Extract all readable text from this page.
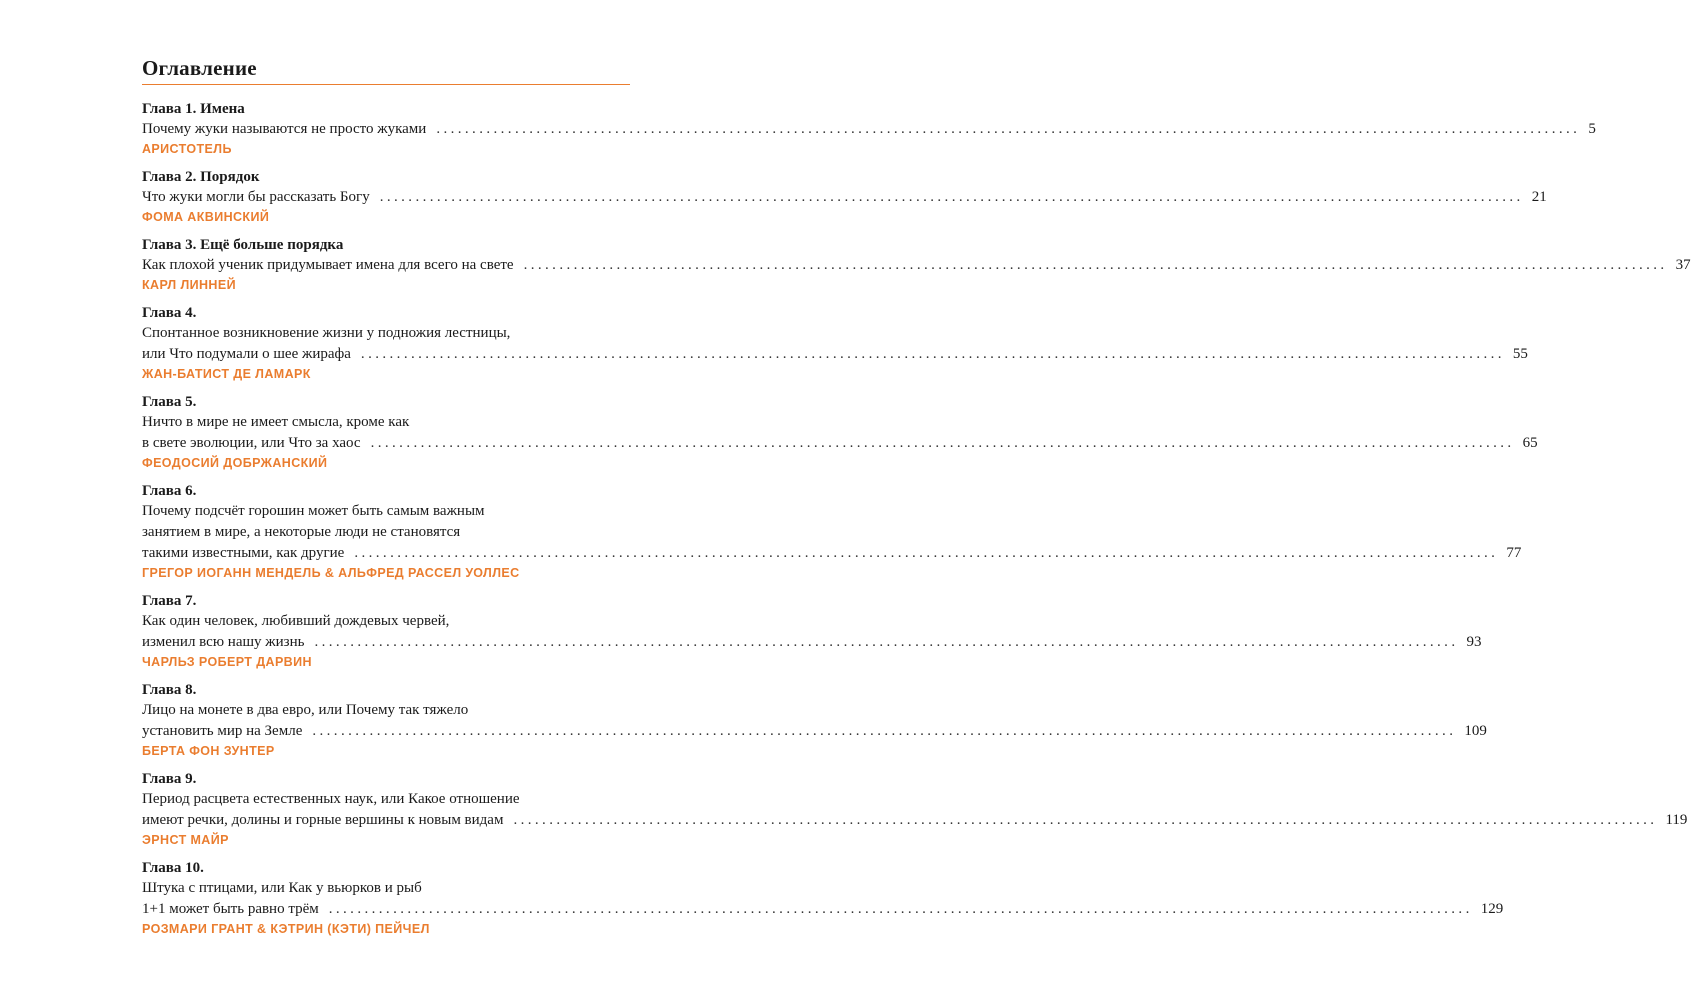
Оглавление
Глава 1. Имена
Почему жуки называются не просто жуками ................................................................................................................................................................ 5
АРИСТОТЕЛЬ
Глава 2. Порядок
Что жуки могли бы рассказать Богу ................................................................................................................................................................ 21
ФОМА АКВИНСКИЙ
Глава 3. Ещё больше порядка
Как плохой ученик придумывает имена для всего на свете ................................................................................................................................................................ 37
КАРЛ ЛИННЕЙ
Глава 4.
Спонтанное возникновение жизни у подножия лестницы,
или Что подумали о шее жирафа ................................................................................................................................................................ 55
ЖАН-БАТИСТ ДЕ ЛАМАРК
Глава 5.
Ничто в мире не имеет смысла, кроме как
в свете эволюции, или Что за хаос ................................................................................................................................................................ 65
ФЕОДОСИЙ ДОБРЖАНСКИЙ
Глава 6.
Почему подсчёт горошин может быть самым важным
занятием в мире, а некоторые люди не становятся
такими известными, как другие ................................................................................................................................................................ 77
ГРЕГОР ИОГАНН МЕНДЕЛЬ & АЛЬФРЕД РАССЕЛ УОЛЛЕС
Глава 7.
Как один человек, любивший дождевых червей,
изменил всю нашу жизнь ................................................................................................................................................................ 93
ЧАРЛЬЗ РОБЕРТ ДАРВИН
Глава 8.
Лицо на монете в два евро, или Почему так тяжело
установить мир на Земле ................................................................................................................................................................ 109
БЕРТА ФОН ЗУНТЕР
Глава 9.
Период расцвета естественных наук, или Какое отношение
имеют речки, долины и горные вершины к новым видам ................................................................................................................................................................ 119
ЭРНСТ МАЙР
Глава 10.
Штука с птицами, или Как у вьюрков и рыб
1+1 может быть равно трём ................................................................................................................................................................ 129
РОЗМАРИ ГРАНТ & КЭТРИН (КЭТИ) ПЕЙЧЕЛ
